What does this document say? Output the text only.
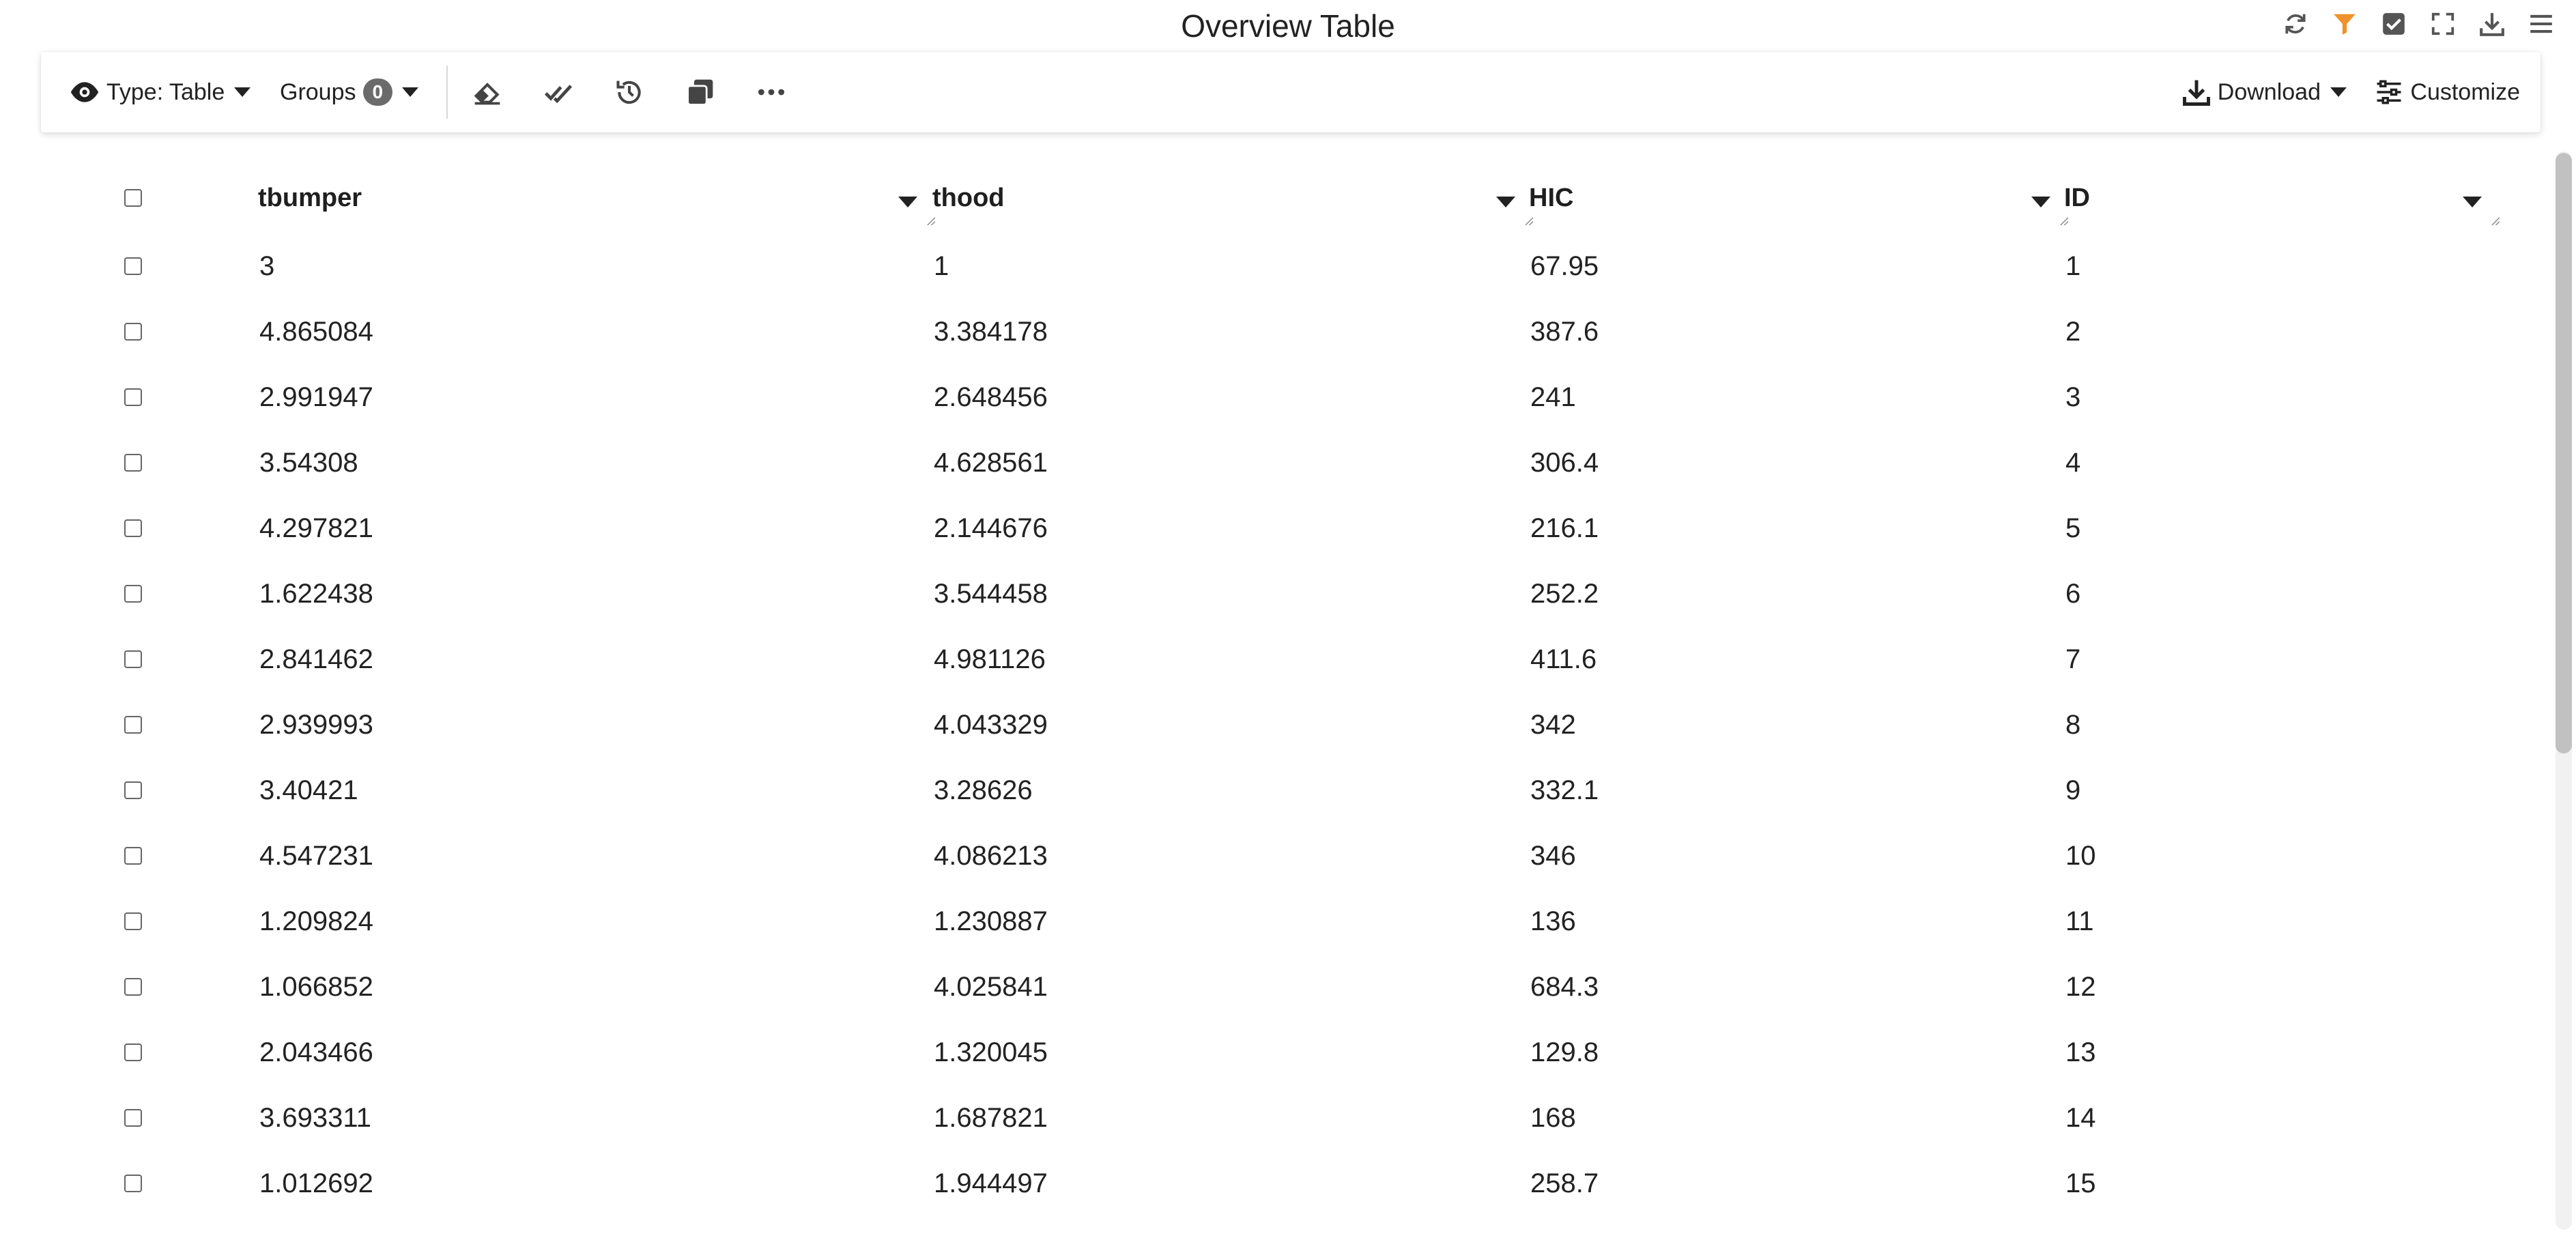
Overview Table
Type: Table Groups 0	Download	Customize
tbumper	thood	HIC	ID
3	1	67.95	1
4.865084	3.384178	387.6	2
2.991947	2.648456	241	3
3.54308	4.628561	306.4	4
4.297821	2.144676	216.1	5
1.622438	3.544458	252.2	6
2.841462	4.981126	411.6	7
2.939993	4.043329	342	8
3.40421	3.28626	332.1	9
4.547231	4.086213	346	10
1.209824	1.230887	136	11
1.066852	4.025841	684.3	12
2.043466	1.320045	129.8	13
3.693311	1.687821	168	14
1.012692	1.944497	258.7	15
